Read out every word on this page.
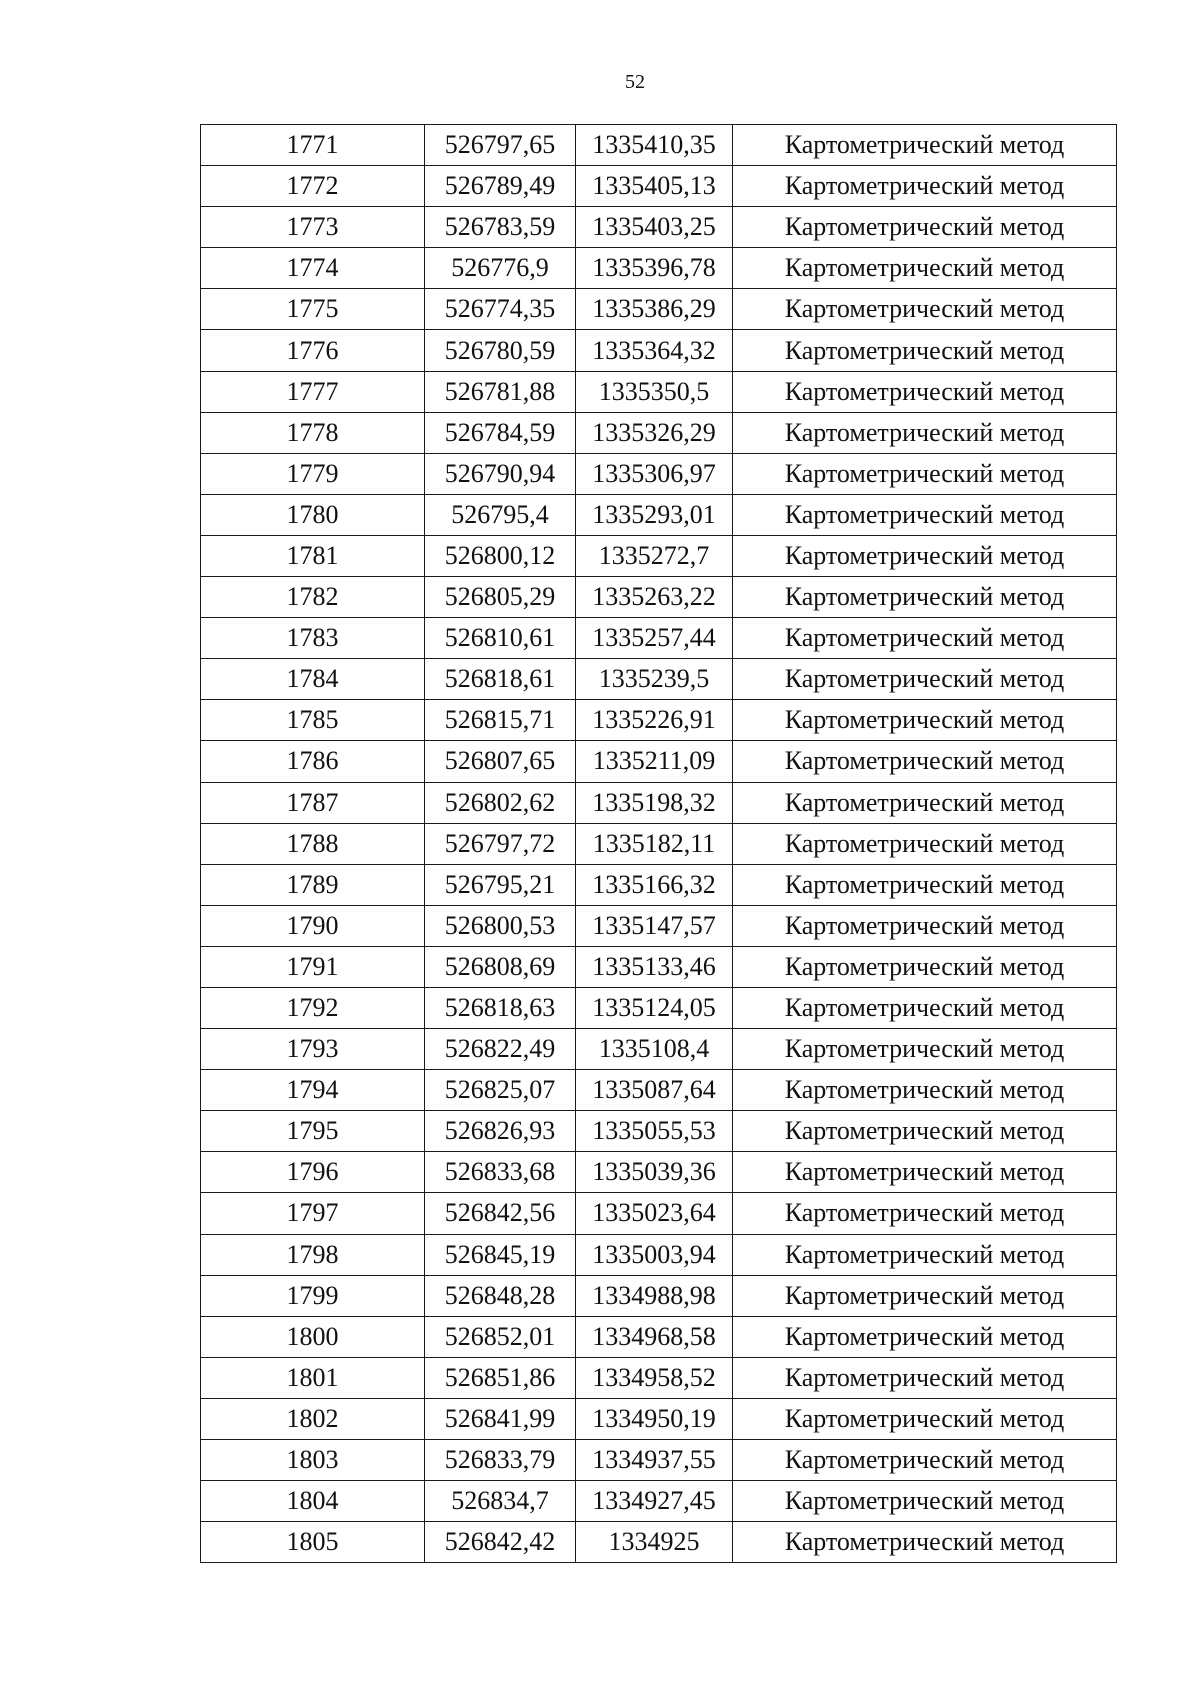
52
1771	526797,65	1335410,35	Картометрический метод
1772	526789,49	1335405,13	Картометрический метод
1773	526783,59	1335403,25	Картометрический метод
1774	526776,9	1335396,78	Картометрический метод
1775	526774,35	1335386,29	Картометрический метод
1776	526780,59	1335364,32	Картометрический метод
1777	526781,88	1335350,5	Картометрический метод
1778	526784,59	1335326,29	Картометрический метод
1779	526790,94	1335306,97	Картометрический метод
1780	526795,4	1335293,01	Картометрический метод
1781	526800,12	1335272,7	Картометрический метод
1782	526805,29	1335263,22	Картометрический метод
1783	526810,61	1335257,44	Картометрический метод
1784	526818,61	1335239,5	Картометрический метод
1785	526815,71	1335226,91	Картометрический метод
1786	526807,65	1335211,09	Картометрический метод
1787	526802,62	1335198,32	Картометрический метод
1788	526797,72	1335182,11	Картометрический метод
1789	526795,21	1335166,32	Картометрический метод
1790	526800,53	1335147,57	Картометрический метод
1791	526808,69	1335133,46	Картометрический метод
1792	526818,63	1335124,05	Картометрический метод
1793	526822,49	1335108,4	Картометрический метод
1794	526825,07	1335087,64	Картометрический метод
1795	526826,93	1335055,53	Картометрический метод
1796	526833,68	1335039,36	Картометрический метод
1797	526842,56	1335023,64	Картометрический метод
1798	526845,19	1335003,94	Картометрический метод
1799	526848,28	1334988,98	Картометрический метод
1800	526852,01	1334968,58	Картометрический метод
1801	526851,86	1334958,52	Картометрический метод
1802	526841,99	1334950,19	Картометрический метод
1803	526833,79	1334937,55	Картометрический метод
1804	526834,7	1334927,45	Картометрический метод
1805	526842,42	1334925	Картометрический метод
